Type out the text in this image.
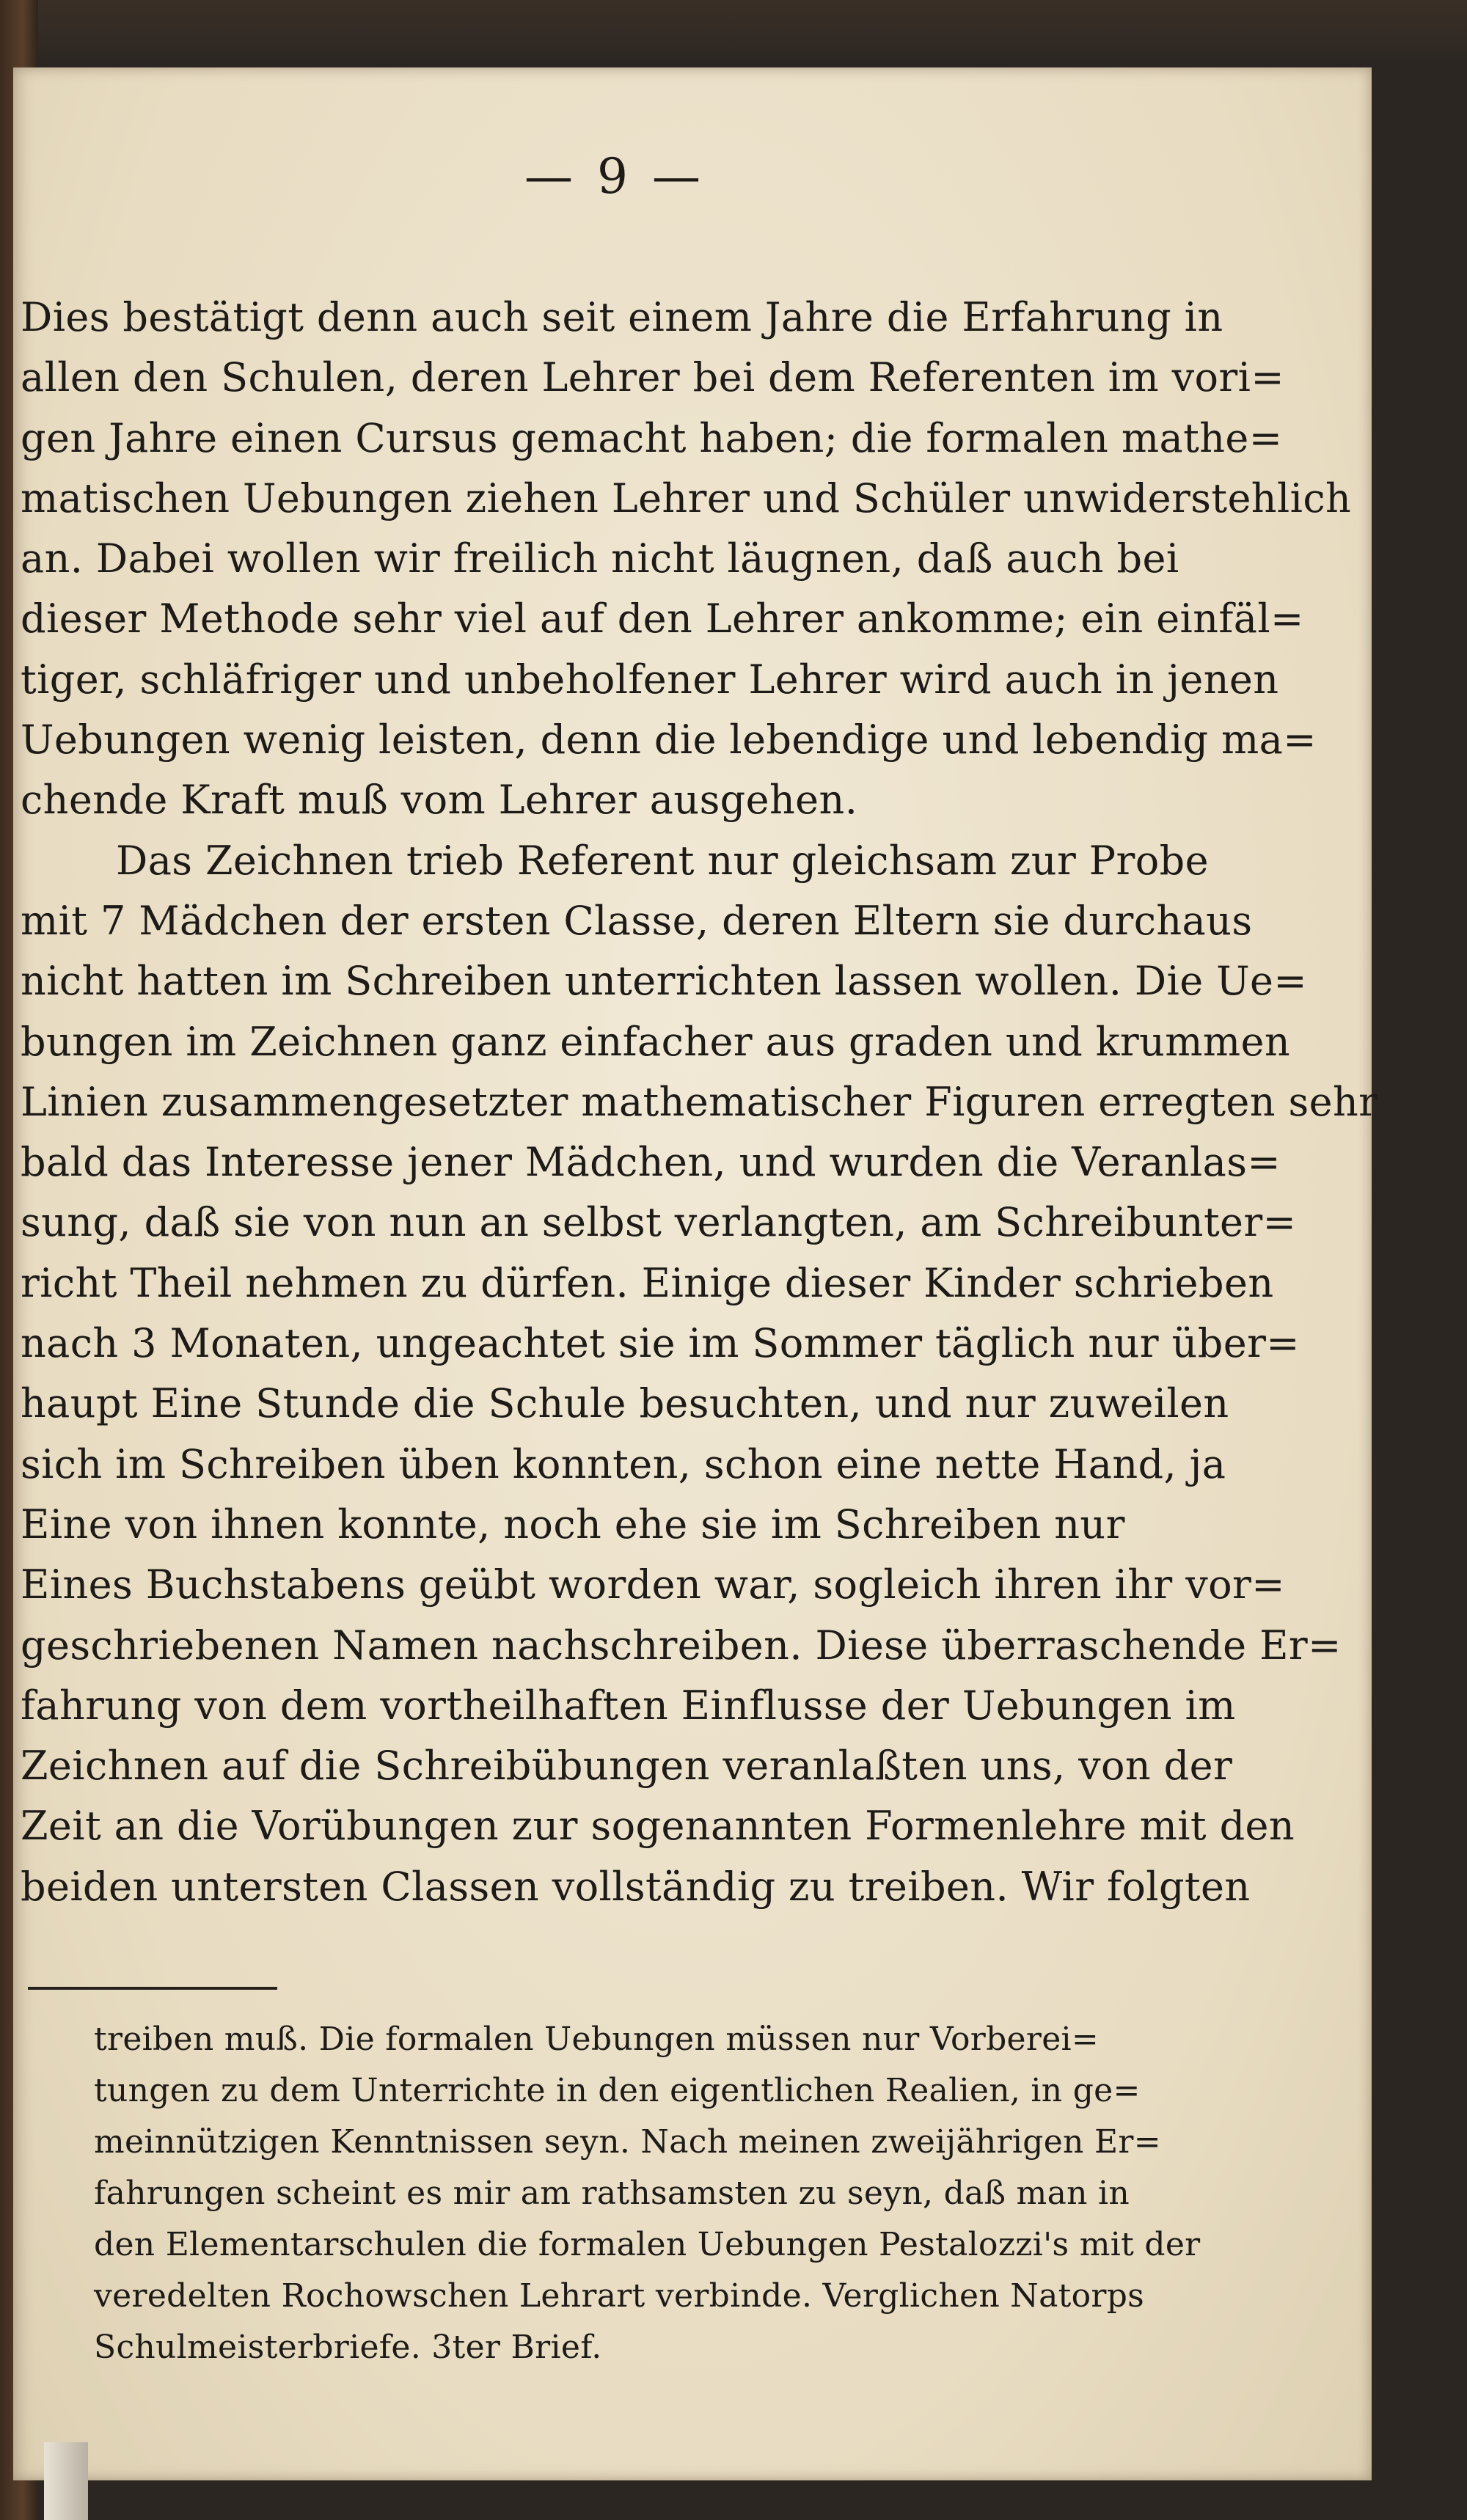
— 9 —
Dies bestätigt denn auch seit einem Jahre die Erfahrung in
allen den Schulen, deren Lehrer bei dem Referenten im vori=
gen Jahre einen Cursus gemacht haben; die formalen mathe=
matischen Uebungen ziehen Lehrer und Schüler unwiderstehlich
an. Dabei wollen wir freilich nicht läugnen, daß auch bei
dieser Methode sehr viel auf den Lehrer ankomme; ein einfäl=
tiger, schläfriger und unbeholfener Lehrer wird auch in jenen
Uebungen wenig leisten, denn die lebendige und lebendig ma=
chende Kraft muß vom Lehrer ausgehen.
Das Zeichnen trieb Referent nur gleichsam zur Probe
mit 7 Mädchen der ersten Classe, deren Eltern sie durchaus
nicht hatten im Schreiben unterrichten lassen wollen. Die Ue=
bungen im Zeichnen ganz einfacher aus graden und krummen
Linien zusammengesetzter mathematischer Figuren erregten sehr
bald das Interesse jener Mädchen, und wurden die Veranlas=
sung, daß sie von nun an selbst verlangten, am Schreibunter=
richt Theil nehmen zu dürfen. Einige dieser Kinder schrieben
nach 3 Monaten, ungeachtet sie im Sommer täglich nur über=
haupt Eine Stunde die Schule besuchten, und nur zuweilen
sich im Schreiben üben konnten, schon eine nette Hand, ja
Eine von ihnen konnte, noch ehe sie im Schreiben nur
Eines Buchstabens geübt worden war, sogleich ihren ihr vor=
geschriebenen Namen nachschreiben. Diese überraschende Er=
fahrung von dem vortheilhaften Einflusse der Uebungen im
Zeichnen auf die Schreibübungen veranlaßten uns, von der
Zeit an die Vorübungen zur sogenannten Formenlehre mit den
beiden untersten Classen vollständig zu treiben. Wir folgten
treiben muß. Die formalen Uebungen müssen nur Vorberei=
tungen zu dem Unterrichte in den eigentlichen Realien, in ge=
meinnützigen Kenntnissen seyn. Nach meinen zweijährigen Er=
fahrungen scheint es mir am rathsamsten zu seyn, daß man in
den Elementarschulen die formalen Uebungen Pestalozzi's mit der
veredelten Rochowschen Lehrart verbinde. Verglichen Natorps
Schulmeisterbriefe. 3ter Brief.
